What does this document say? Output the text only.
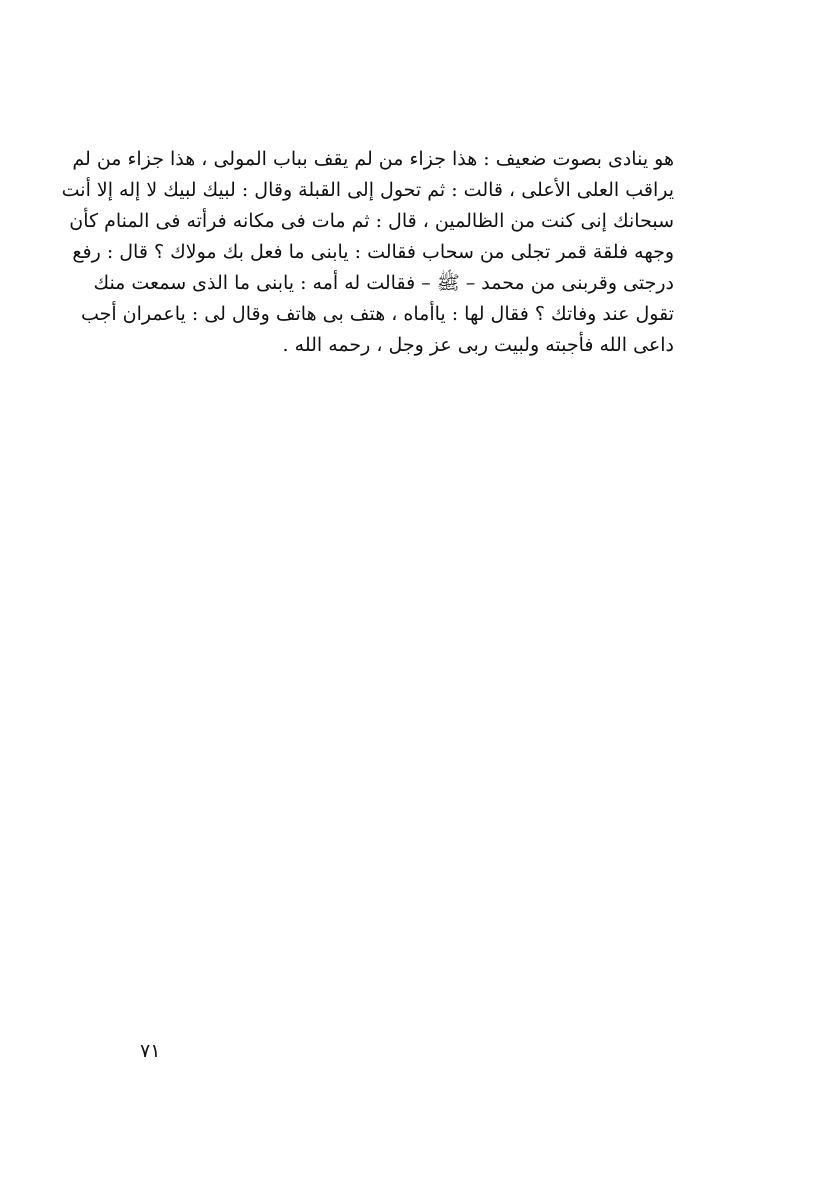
هو ينادى بصوت ضعيف : هذا جزاء من لم يقف بباب المولى ، هذا جزاء من لم
يراقب العلى الأعلى ، قالت : ثم تحول إلى القبلة وقال : لبيك لبيك لا إله إلا أنت
سبحانك إنى كنت من الظالمين ، قال : ثم مات فى مكانه فرأته فى المنام كأن
وجهه فلقة قمر تجلى من سحاب فقالت : يابنى ما فعل بك مولاك ؟ قال : رفع
درجتى وقربنى من محمد – ﷺ – فقالت له أمه : يابنى ما الذى سمعت منك
تقول عند وفاتك ؟ فقال لها : ياأماه ، هتف بى هاتف وقال لى : ياعمران أجب
داعى الله فأجبته ولبيت ربى عز وجل ، رحمه الله .
٧١
